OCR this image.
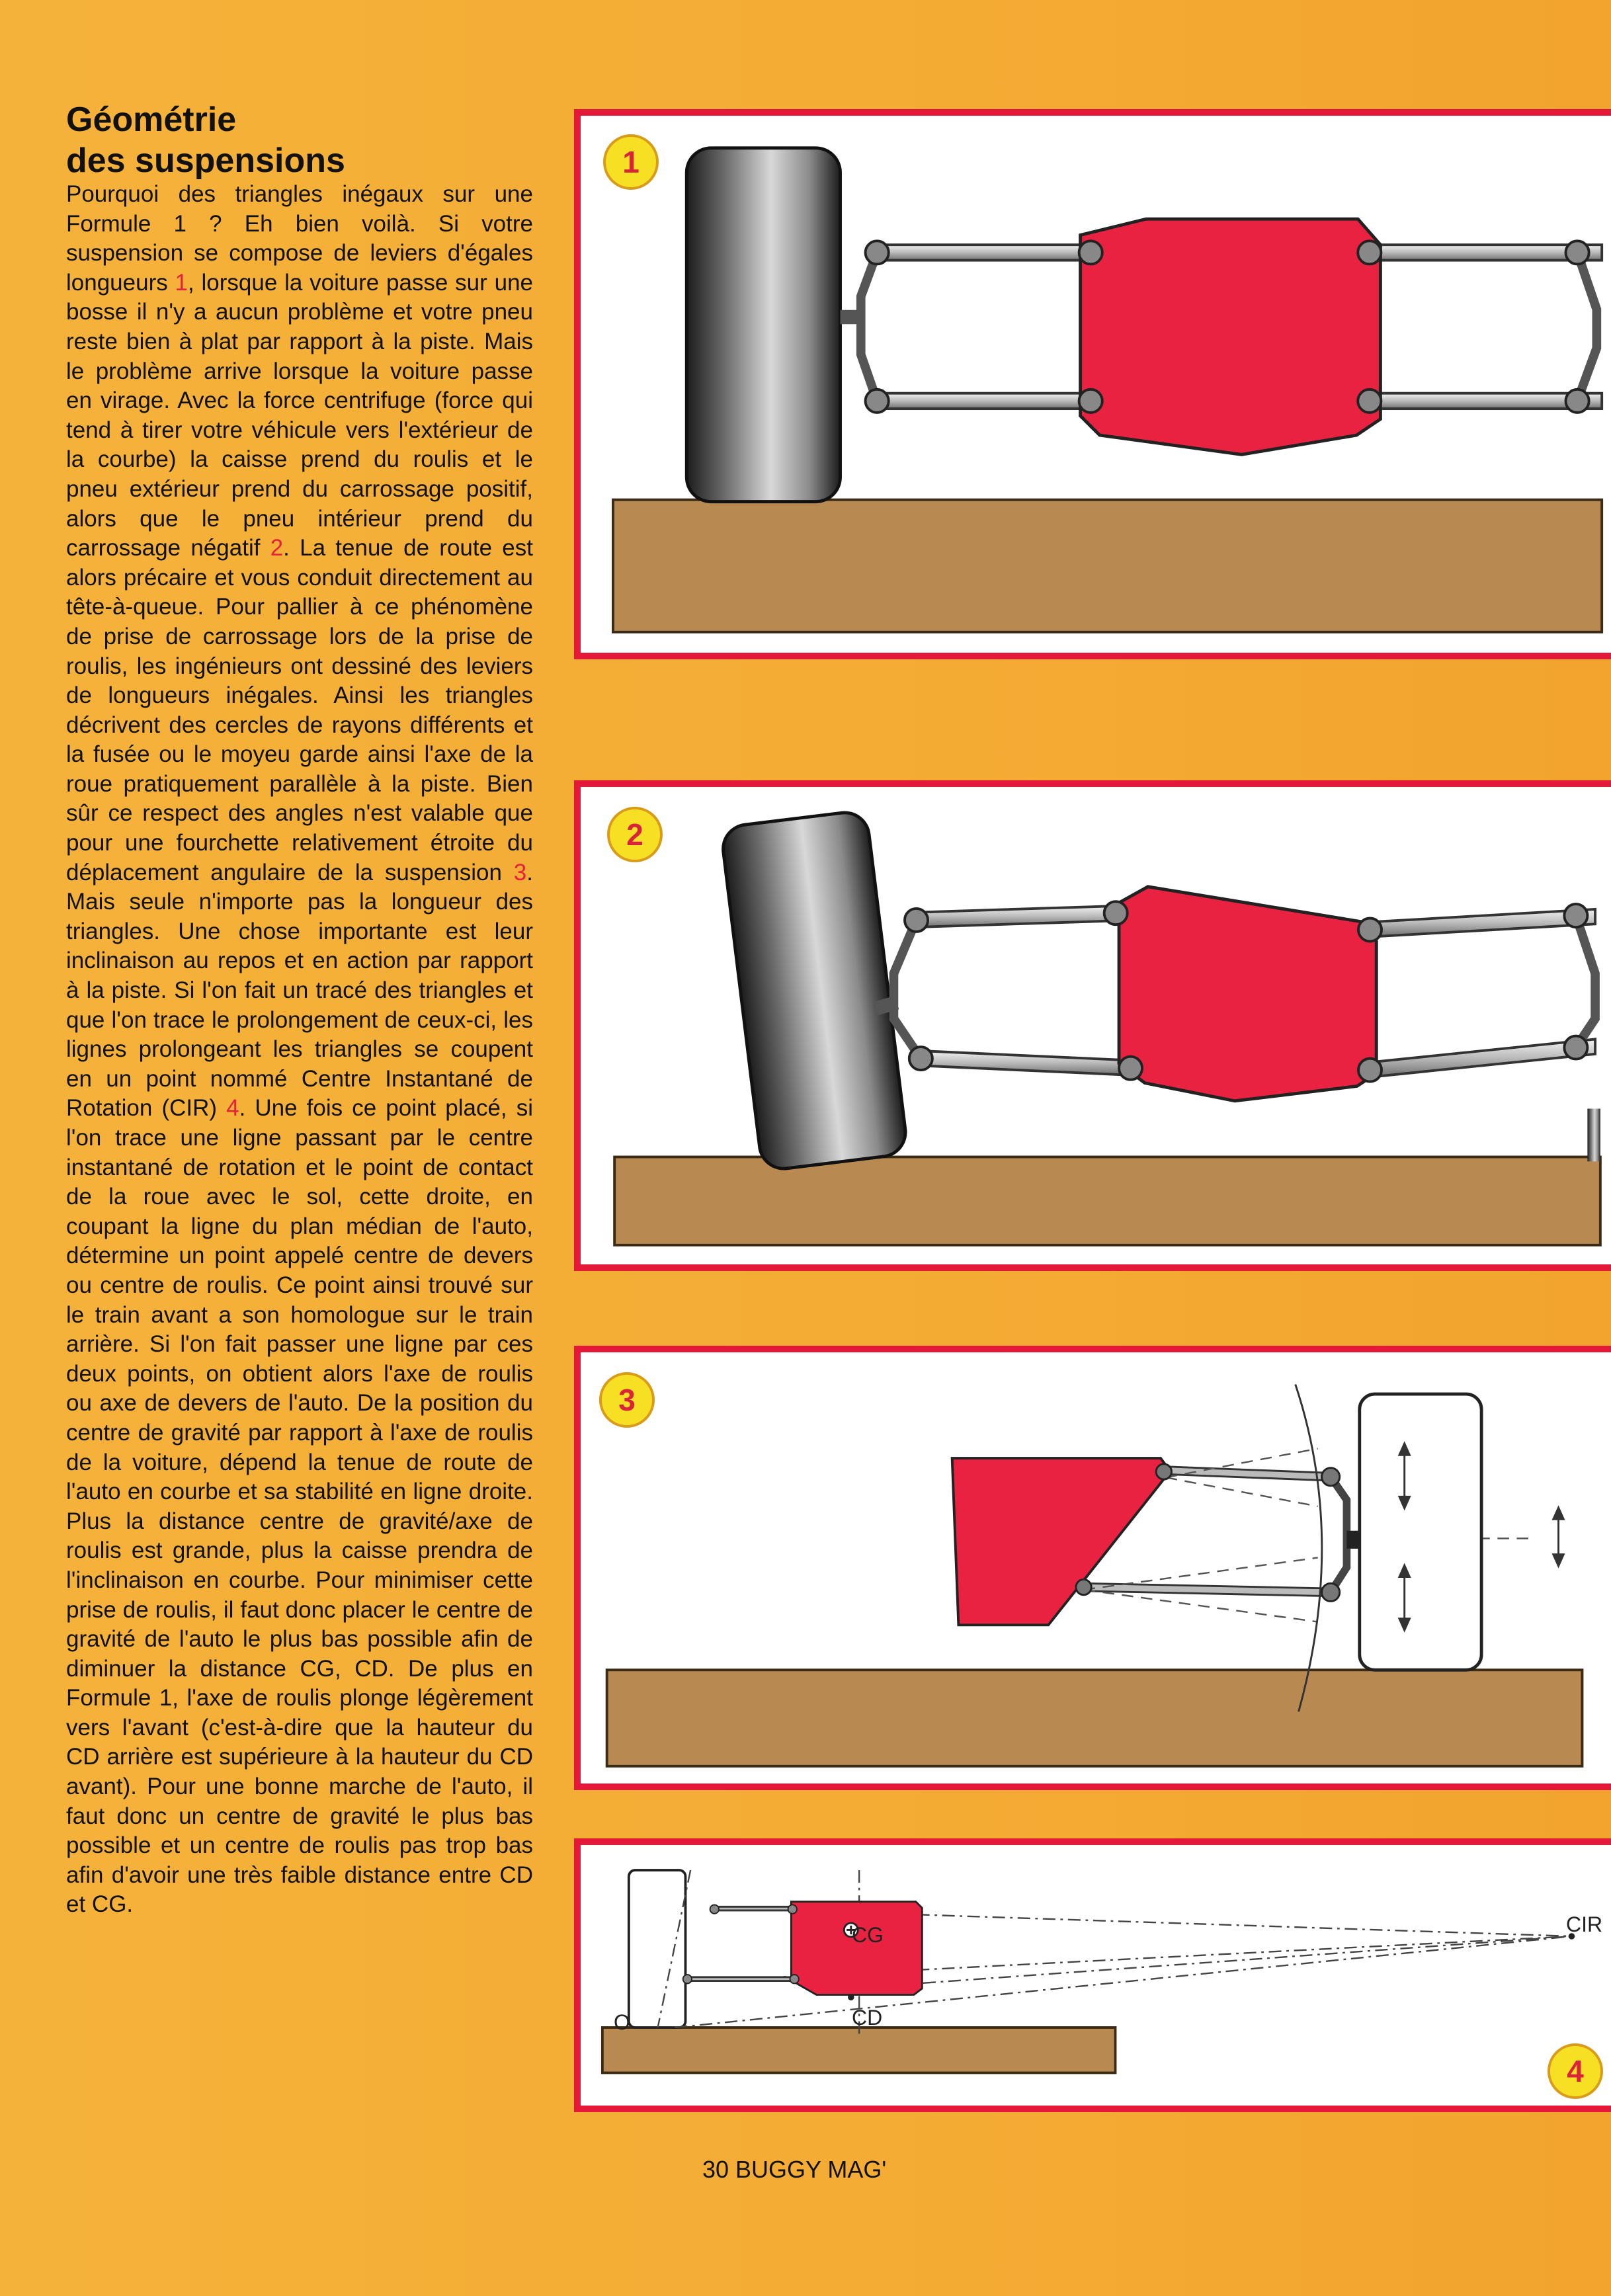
Géométrie
des suspensions

Pourquoi des triangles inégaux sur une Formule 1 ? Eh bien voilà. Si votre suspension se compose de leviers d'égales longueurs 1, lorsque la voiture passe sur une bosse il n'y a aucun problème et votre pneu reste bien à plat par rapport à la piste. Mais le problème arrive lorsque la voiture passe en virage. Avec la force centrifuge (force qui tend à tirer votre véhicule vers l'extérieur de la courbe) la caisse prend du roulis et le pneu extérieur prend du carrossage positif, alors que le pneu intérieur prend du carrossage négatif 2. La tenue de route est alors précaire et vous conduit directement au tête-à-queue. Pour pallier à ce phénomène de prise de carrossage lors de la prise de roulis, les ingénieurs ont dessiné des leviers de longueurs inégales. Ainsi les triangles décrivent des cercles de rayons différents et la fusée ou le moyeu garde ainsi l'axe de la roue pratiquement parallèle à la piste. Bien sûr ce respect des angles n'est valable que pour une fourchette relativement étroite du déplacement angulaire de la suspension 3. Mais seule n'importe pas la longueur des triangles. Une chose importante est leur inclinaison au repos et en action par rapport à la piste. Si l'on fait un tracé des triangles et que l'on trace le prolongement de ceux-ci, les lignes prolongeant les triangles se coupent en un point nommé Centre Instantané de Rotation (CIR) 4. Une fois ce point placé, si l'on trace une ligne passant par le centre instantané de rotation et le point de contact de la roue avec le sol, cette droite, en coupant la ligne du plan médian de l'auto, détermine un point appelé centre de devers ou centre de roulis. Ce point ainsi trouvé sur le train avant a son homologue sur le train arrière. Si l'on fait passer une ligne par ces deux points, on obtient alors l'axe de roulis ou axe de devers de l'auto. De la position du centre de gravité par rapport à l'axe de roulis de la voiture, dépend la tenue de route de l'auto en courbe et sa stabilité en ligne droite. Plus la distance centre de gravité/axe de roulis est grande, plus la caisse prendra de l'inclinaison en courbe. Pour minimiser cette prise de roulis, il faut donc placer le centre de gravité de l'auto le plus bas possible afin de diminuer la distance CG, CD. De plus en Formule 1, l'axe de roulis plonge légèrement vers l'avant (c'est-à-dire que la hauteur du CD arrière est supérieure à la hauteur du CD avant). Pour une bonne marche de l'auto, il faut donc un centre de gravité le plus bas possible et un centre de roulis pas trop bas afin d'avoir une très faible distance entre CD et CG.

1
2
3
CG
CD
CIR
O
4
30 BUGGY MAG'
